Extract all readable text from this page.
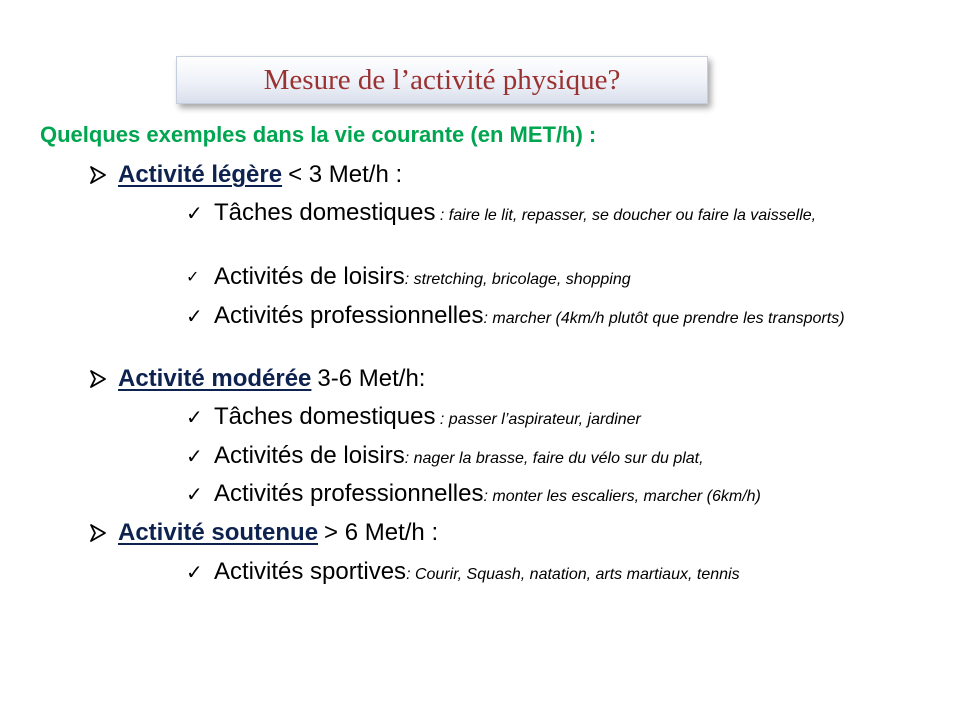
Mesure de l’activité physique?
Quelques exemples dans la vie courante (en MET/h) :
Activité légère < 3 Met/h :
✓ Tâches domestiques : faire le lit, repasser, se doucher ou faire la vaisselle,
✓ Activités de loisirs: stretching, bricolage, shopping
✓ Activités professionnelles: marcher (4km/h plutôt que prendre les transports)
Activité modérée 3-6 Met/h:
✓ Tâches domestiques : passer l’aspirateur, jardiner
✓ Activités de loisirs: nager la brasse, faire du vélo sur du plat,
✓ Activités professionnelles: monter les escaliers, marcher (6km/h)
Activité soutenue > 6 Met/h :
✓ Activités sportives: Courir, Squash, natation, arts martiaux, tennis
